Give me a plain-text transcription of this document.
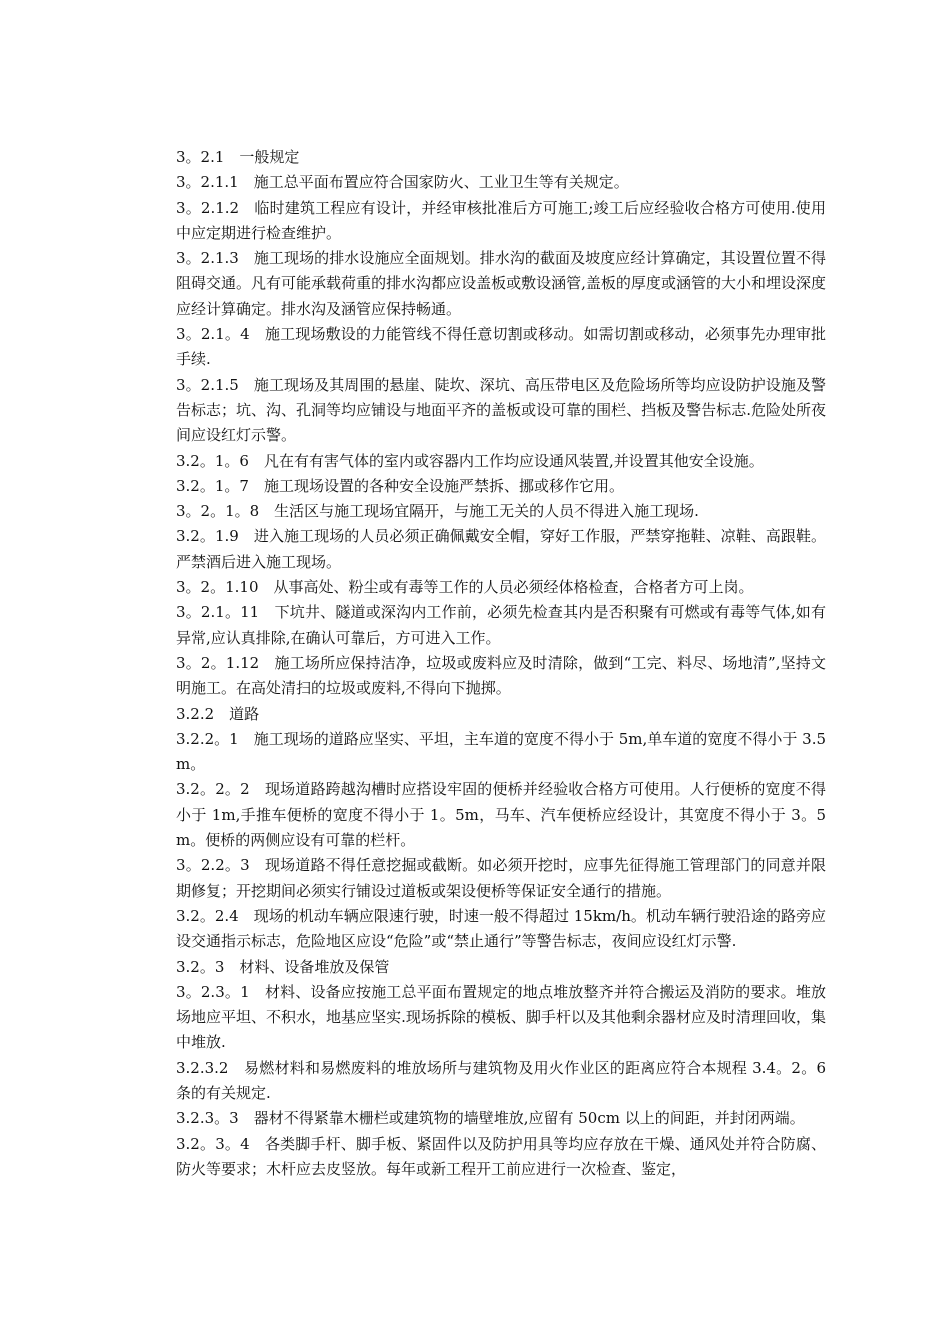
3。2.1　一般规定

3。2.1.1　施工总平面布置应符合国家防火、工业卫生等有关规定。

3。2.1.2　临时建筑工程应有设计，并经审核批准后方可施工;竣工后应经验收合格方可使用.使用中应定期进行检查维护。

3。2.1.3　施工现场的排水设施应全面规划。排水沟的截面及坡度应经计算确定，其设置位置不得阻碍交通。凡有可能承载荷重的排水沟都应设盖板或敷设涵管,盖板的厚度或涵管的大小和埋设深度应经计算确定。排水沟及涵管应保持畅通。

3。2.1。4　施工现场敷设的力能管线不得任意切割或移动。如需切割或移动，必须事先办理审批手续.

3。2.1.5　施工现场及其周围的悬崖、陡坎、深坑、高压带电区及危险场所等均应设防护设施及警告标志；坑、沟、孔洞等均应铺设与地面平齐的盖板或设可靠的围栏、挡板及警告标志.危险处所夜间应设红灯示警。

3.2。1。6　凡在有有害气体的室内或容器内工作均应设通风装置,并设置其他安全设施。

3.2。1。7　施工现场设置的各种安全设施严禁拆、挪或移作它用。

3。2。1。8　生活区与施工现场宜隔开，与施工无关的人员不得进入施工现场.

3.2。1.9　进入施工现场的人员必须正确佩戴安全帽，穿好工作服，严禁穿拖鞋、凉鞋、高跟鞋。严禁酒后进入施工现场。

3。2。1.10　从事高处、粉尘或有毒等工作的人员必须经体格检查，合格者方可上岗。

3。2.1。11　下坑井、隧道或深沟内工作前，必须先检查其内是否积聚有可燃或有毒等气体,如有异常,应认真排除,在确认可靠后，方可进入工作。

3。2。1.12　施工场所应保持洁净，垃圾或废料应及时清除，做到“工完、料尽、场地清”,坚持文明施工。在高处清扫的垃圾或废料,不得向下抛掷。

3.2.2　道路

3.2.2。1　施工现场的道路应坚实、平坦，主车道的宽度不得小于 5m,单车道的宽度不得小于 3.5m。

3.2。2。2　现场道路跨越沟槽时应搭设牢固的便桥并经验收合格方可使用。人行便桥的宽度不得小于 1m,手推车便桥的宽度不得小于 1。5m，马车、汽车便桥应经设计，其宽度不得小于 3。5m。便桥的两侧应设有可靠的栏杆。

3。2.2。3　现场道路不得任意挖掘或截断。如必须开挖时，应事先征得施工管理部门的同意并限期修复；开挖期间必须实行铺设过道板或架设便桥等保证安全通行的措施。

3.2。2.4　现场的机动车辆应限速行驶，时速一般不得超过 15km/h。机动车辆行驶沿途的路旁应设交通指示标志，危险地区应设“危险”或“禁止通行”等警告标志，夜间应设红灯示警.

3.2。3　材料、设备堆放及保管

3。2.3。1　材料、设备应按施工总平面布置规定的地点堆放整齐并符合搬运及消防的要求。堆放场地应平坦、不积水，地基应坚实.现场拆除的模板、脚手杆以及其他剩余器材应及时清理回收，集中堆放.

3.2.3.2　易燃材料和易燃废料的堆放场所与建筑物及用火作业区的距离应符合本规程 3.4。2。6 条的有关规定.

3.2.3。3　器材不得紧靠木栅栏或建筑物的墙壁堆放,应留有 50cm 以上的间距，并封闭两端。

3.2。3。4　各类脚手杆、脚手板、紧固件以及防护用具等均应存放在干燥、通风处并符合防腐、防火等要求；木杆应去皮竖放。每年或新工程开工前应进行一次检查、鉴定，
